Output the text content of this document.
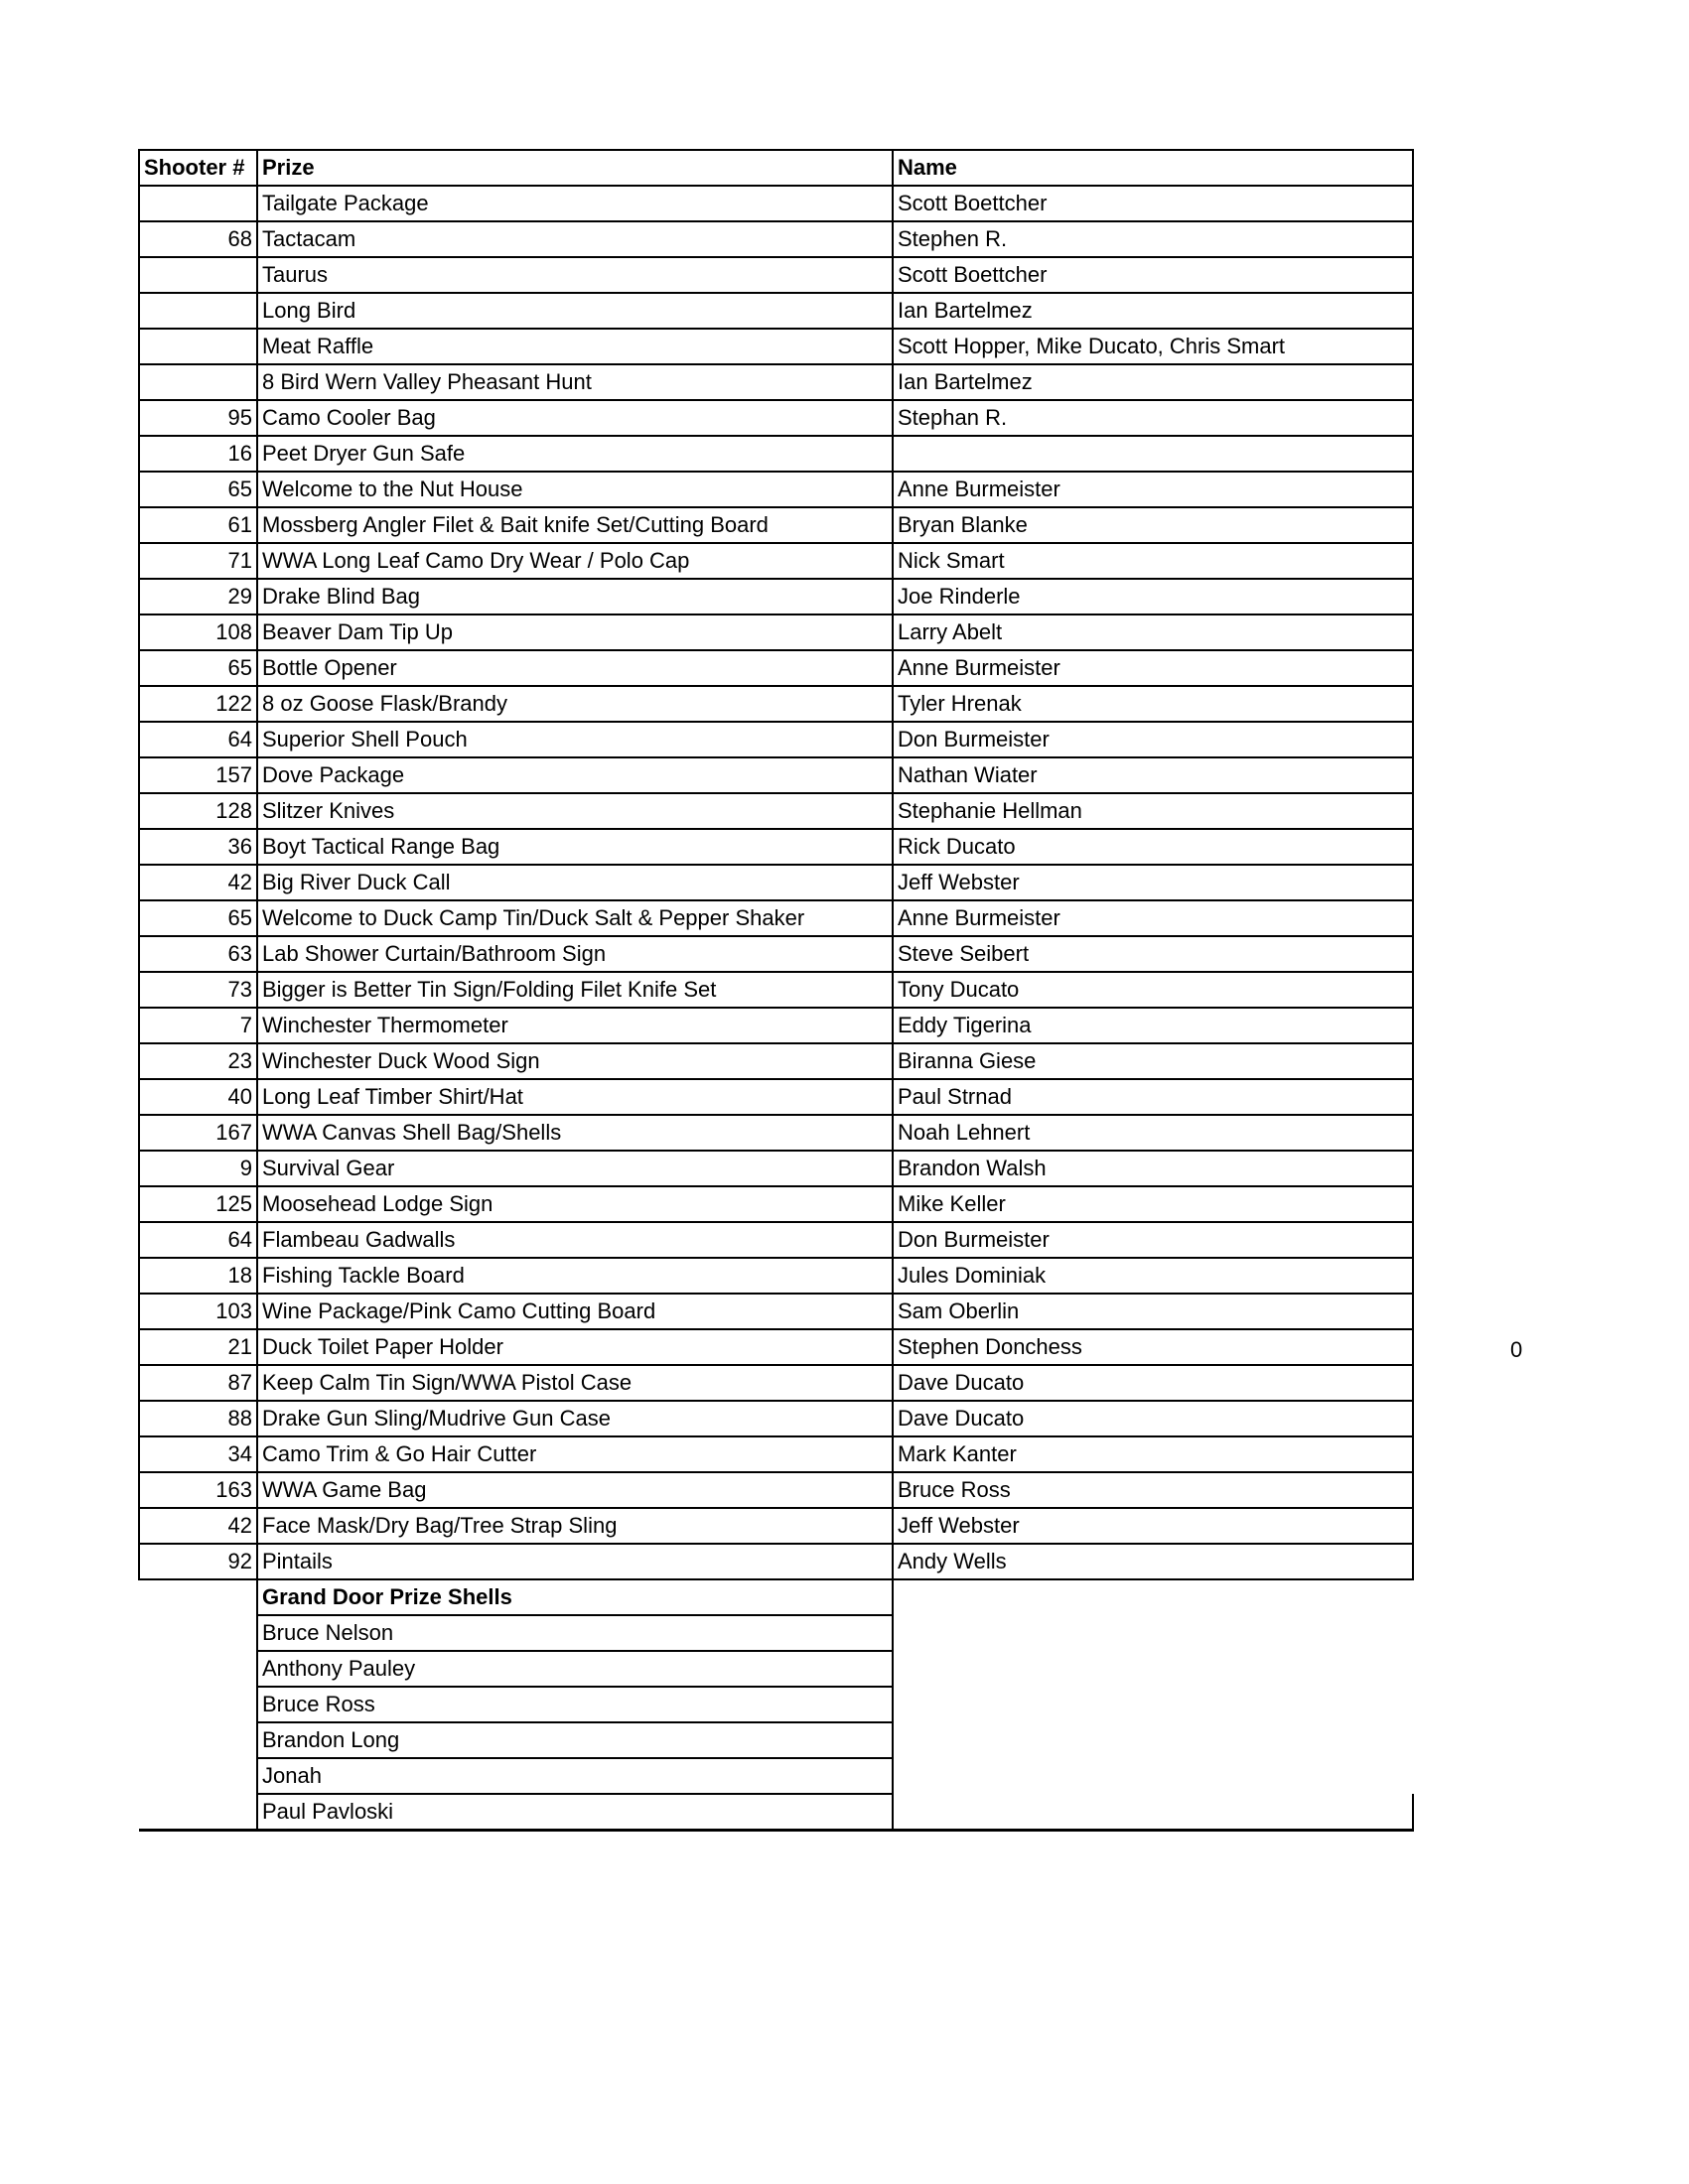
Shooter #	Prize	Name
	Tailgate Package	Scott Boettcher
68	Tactacam	Stephen R.
	Taurus	Scott Boettcher
	Long Bird	Ian Bartelmez
	Meat Raffle	Scott Hopper, Mike Ducato, Chris Smart
	8 Bird Wern Valley Pheasant Hunt	Ian Bartelmez
95	Camo Cooler Bag	Stephan R.
16	Peet Dryer Gun Safe	
65	Welcome to the Nut House	Anne Burmeister
61	Mossberg Angler Filet & Bait knife Set/Cutting Board	Bryan Blanke
71	WWA Long Leaf Camo Dry Wear / Polo Cap	Nick Smart
29	Drake Blind Bag	Joe Rinderle
108	Beaver Dam Tip Up	Larry Abelt
65	Bottle Opener	Anne Burmeister
122	8 oz Goose Flask/Brandy	Tyler Hrenak
64	Superior Shell Pouch	Don Burmeister
157	Dove Package	Nathan Wiater
128	Slitzer Knives	Stephanie Hellman
36	Boyt Tactical Range Bag	Rick Ducato
42	Big River Duck Call	Jeff Webster
65	Welcome to Duck Camp Tin/Duck Salt & Pepper Shaker	Anne Burmeister
63	Lab Shower Curtain/Bathroom Sign	Steve Seibert
73	Bigger is Better Tin Sign/Folding Filet Knife Set	Tony Ducato
7	Winchester Thermometer	Eddy Tigerina
23	Winchester Duck Wood Sign	Biranna Giese
40	Long Leaf Timber Shirt/Hat	Paul Strnad
167	WWA Canvas Shell Bag/Shells	Noah Lehnert
9	Survival Gear	Brandon Walsh
125	Moosehead Lodge Sign	Mike Keller
64	Flambeau Gadwalls	Don Burmeister
18	Fishing Tackle Board	Jules Dominiak
103	Wine Package/Pink Camo Cutting Board	Sam Oberlin
21	Duck Toilet Paper Holder	Stephen Donchess
87	Keep Calm Tin Sign/WWA Pistol Case	Dave Ducato
88	Drake Gun Sling/Mudrive Gun Case	Dave Ducato
34	Camo Trim & Go Hair Cutter	Mark Kanter
163	WWA Game Bag	Bruce Ross
42	Face Mask/Dry Bag/Tree Strap Sling	Jeff Webster
92	Pintails	Andy Wells
	Grand Door Prize Shells	
	Bruce Nelson	
	Anthony Pauley	
	Bruce Ross	
	Brandon Long	
	Jonah	
	Paul Pavloski	
0
